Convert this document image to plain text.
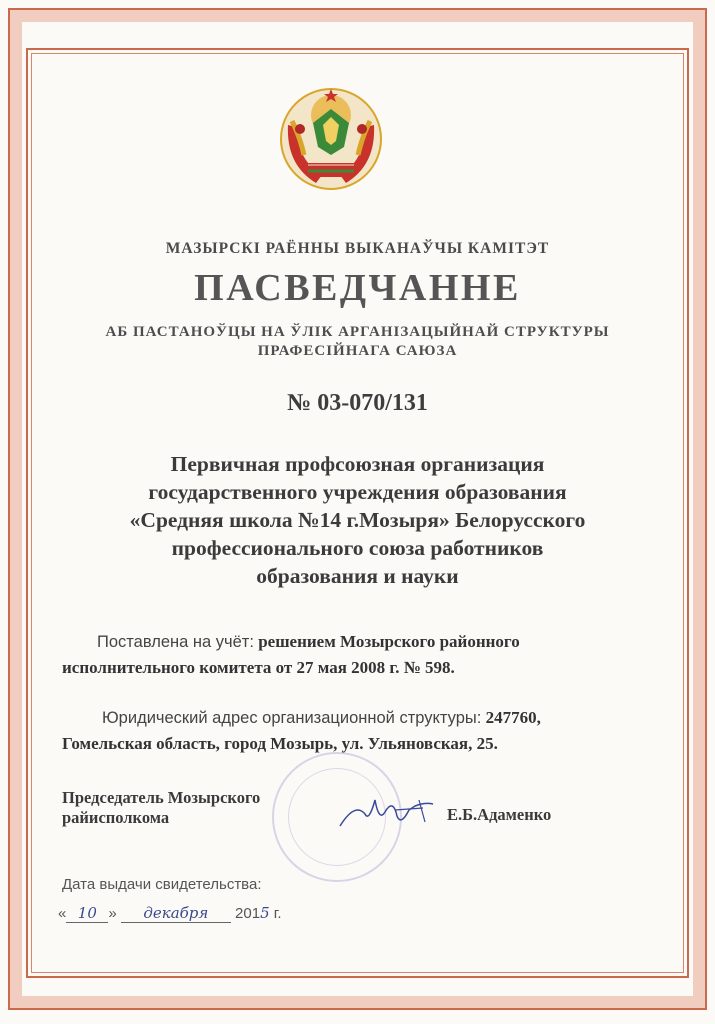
МАЗЫРСКІ РАЁННЫ ВЫКАНАЎЧЫ КАМІТЭТ
ПАСВЕДЧАННЕ
АБ ПАСТАНОЎЦЫ НА ЎЛІК АРГАНІЗАЦЫЙНАЙ СТРУКТУРЫ
ПРАФЕСІЙНАГА САЮЗА
№ 03-070/131
Первичная профсоюзная организация
государственного учреждения образования
«Средняя школа №14 г.Мозыря» Белорусского
профессионального союза работников
образования и науки
Поставлена на учёт: решением Мозырского районного
исполнительного комитета от 27 мая 2008 г. № 598.
Юридический адрес организационной структуры: 247760,
Гомельская область, город Мозырь, ул. Ульяновская, 25.
Председатель Мозырского
райисполкома	Е.Б.Адаменко
Дата выдачи свидетельства:
« 10 » декабря 2015 г.
